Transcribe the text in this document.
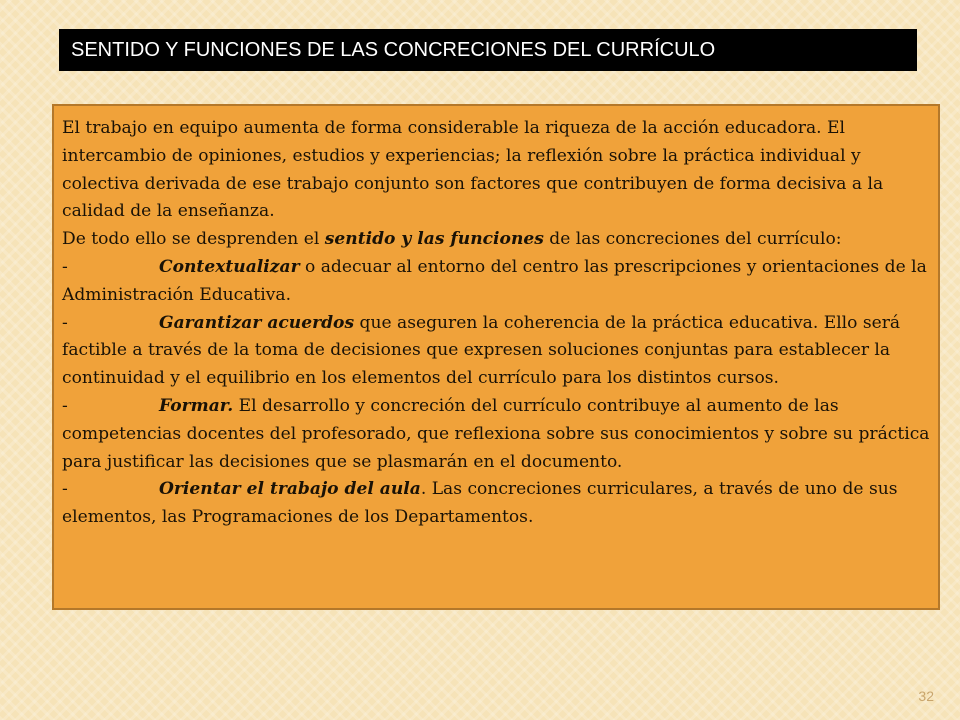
SENTIDO Y FUNCIONES DE LAS CONCRECIONES DEL CURRÍCULO

El trabajo en equipo aumenta de forma considerable la riqueza de la acción educadora. El intercambio de opiniones, estudios y experiencias; la reflexión sobre la práctica individual y colectiva derivada de ese trabajo conjunto son factores que contribuyen de forma decisiva a la calidad de la enseñanza.

De todo ello se desprenden el sentido y las funciones de las concreciones del currículo:

-	Contextualizar o adecuar al entorno del centro las prescripciones y orientaciones de la Administración Educativa.

-	Garantizar acuerdos que aseguren la coherencia de la práctica educativa. Ello será factible a través de la toma de decisiones que expresen soluciones conjuntas para establecer la continuidad y el equilibrio en los elementos del currículo para los distintos cursos.

-	Formar. El desarrollo y concreción del currículo contribuye al aumento de las competencias docentes del profesorado, que reflexiona sobre sus conocimientos y sobre su práctica para justificar las decisiones que se plasmarán en el documento.

-	Orientar el trabajo del aula. Las concreciones curriculares, a través de uno de sus elementos, las Programaciones de los Departamentos.

32
